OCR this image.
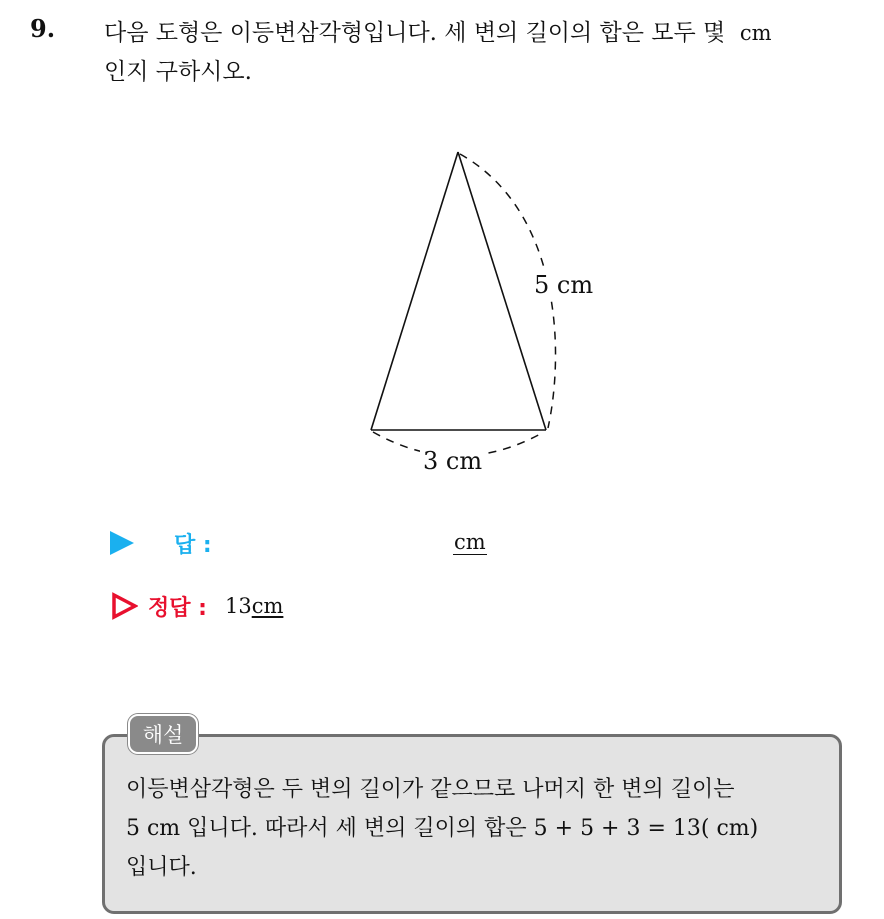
9. 다음 도형은 이등변삼각형입니다. 세 변의 길이의 합은 모두 몇 cm
인지 구하시오.
5 cm
3 cm
답 :	cm
정답 : 13cm
해설
이등변삼각형은 두 변의 길이가 같으므로 나머지 한 변의 길이는
5 cm 입니다. 따라서 세 변의 길이의 합은 5 + 5 + 3 = 13( cm)
입니다.
